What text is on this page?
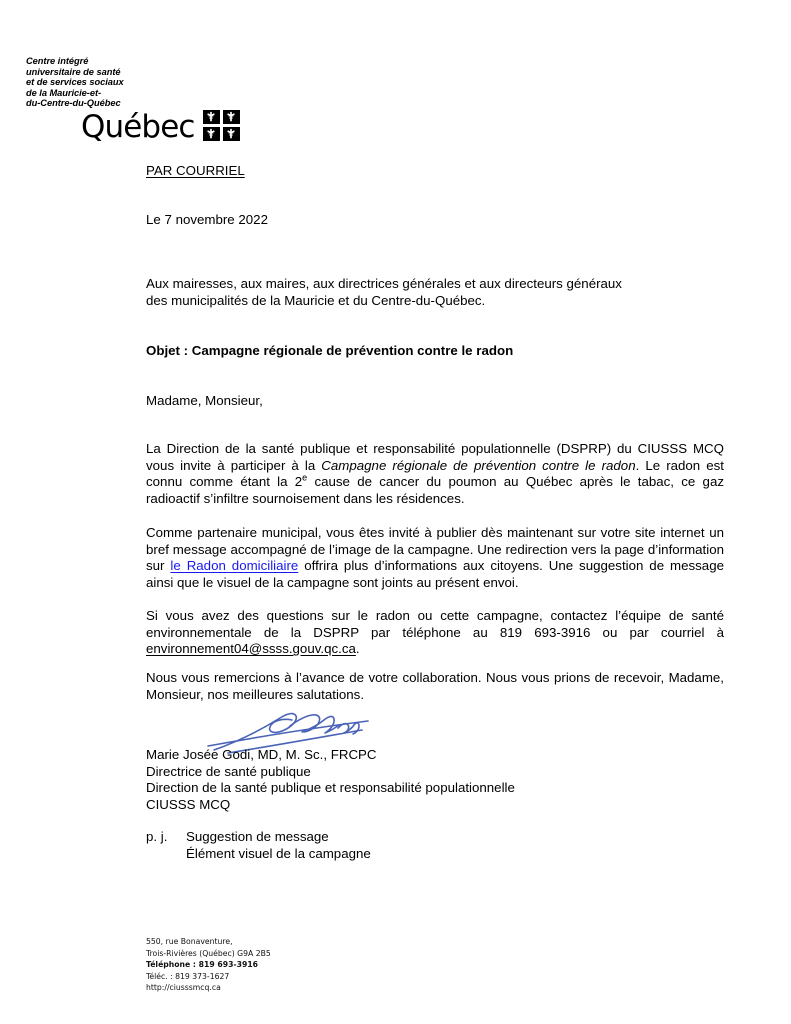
Centre intégré
universitaire de santé
et de services sociaux
de la Mauricie-et-
du-Centre-du-Québec
Québec
PAR COURRIEL
Le 7 novembre 2022
Aux mairesses, aux maires, aux directrices générales et aux directeurs généraux
des municipalités de la Mauricie et du Centre-du-Québec.
Objet : Campagne régionale de prévention contre le radon
Madame, Monsieur,
La Direction de la santé publique et responsabilité populationnelle (DSPRP) du CIUSSS MCQ vous invite à participer à la Campagne régionale de prévention contre le radon. Le radon est connu comme étant la 2e cause de cancer du poumon au Québec après le tabac, ce gaz radioactif s’infiltre sournoisement dans les résidences.
Comme partenaire municipal, vous êtes invité à publier dès maintenant sur votre site internet un bref message accompagné de l’image de la campagne. Une redirection vers la page d’information sur le Radon domiciliaire offrira plus d’informations aux citoyens. Une suggestion de message ainsi que le visuel de la campagne sont joints au présent envoi.
Si vous avez des questions sur le radon ou cette campagne, contactez l’équipe de santé environnementale de la DSPRP par téléphone au 819 693-3916 ou par courriel à environnement04@ssss.gouv.qc.ca.
Nous vous remercions à l’avance de votre collaboration. Nous vous prions de recevoir, Madame, Monsieur, nos meilleures salutations.
Marie Josée Godi, MD, M. Sc., FRCPC
Directrice de santé publique
Direction de la santé publique et responsabilité populationnelle
CIUSSS MCQ
p. j.	Suggestion de message
Élément visuel de la campagne
550, rue Bonaventure,
Trois-Rivières (Québec) G9A 2B5
Téléphone : 819 693-3916
Téléc. : 819 373-1627
http://ciusssmcq.ca
